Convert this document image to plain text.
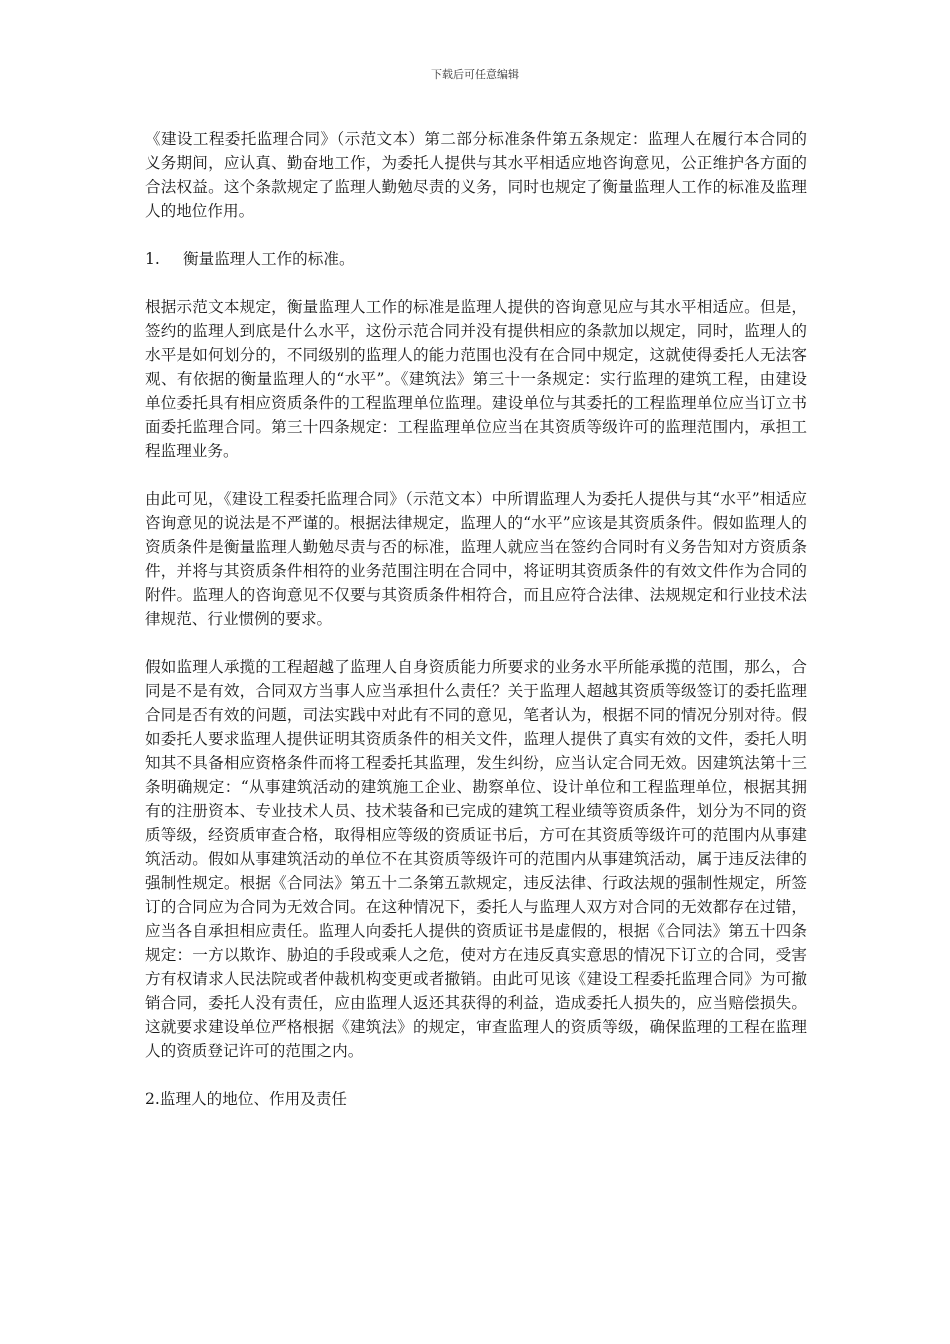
下载后可任意编辑

《建设工程委托监理合同》（示范文本）第二部分标准条件第五条规定：监理人在履行本合同的义务期间，应认真、勤奋地工作，为委托人提供与其水平相适应地咨询意见，公正维护各方面的合法权益。这个条款规定了监理人勤勉尽责的义务，同时也规定了衡量监理人工作的标准及监理人的地位作用。

1. 衡量监理人工作的标准。

根据示范文本规定，衡量监理人工作的标准是监理人提供的咨询意见应与其水平相适应。但是，签约的监理人到底是什么水平，这份示范合同并没有提供相应的条款加以规定，同时，监理人的水平是如何划分的，不同级别的监理人的能力范围也没有在合同中规定，这就使得委托人无法客观、有依据的衡量监理人的“水平”。《建筑法》第三十一条规定：实行监理的建筑工程，由建设单位委托具有相应资质条件的工程监理单位监理。建设单位与其委托的工程监理单位应当订立书面委托监理合同。第三十四条规定：工程监理单位应当在其资质等级许可的监理范围内，承担工程监理业务。

由此可见，《建设工程委托监理合同》（示范文本）中所谓监理人为委托人提供与其“水平”相适应咨询意见的说法是不严谨的。根据法律规定，监理人的“水平”应该是其资质条件。假如监理人的资质条件是衡量监理人勤勉尽责与否的标准，监理人就应当在签约合同时有义务告知对方资质条件，并将与其资质条件相符的业务范围注明在合同中，将证明其资质条件的有效文件作为合同的附件。监理人的咨询意见不仅要与其资质条件相符合，而且应符合法律、法规规定和行业技术法律规范、行业惯例的要求。

假如监理人承揽的工程超越了监理人自身资质能力所要求的业务水平所能承揽的范围，那么，合同是不是有效，合同双方当事人应当承担什么责任？关于监理人超越其资质等级签订的委托监理合同是否有效的问题，司法实践中对此有不同的意见，笔者认为，根据不同的情况分别对待。假如委托人要求监理人提供证明其资质条件的相关文件，监理人提供了真实有效的文件，委托人明知其不具备相应资格条件而将工程委托其监理，发生纠纷，应当认定合同无效。因建筑法第十三条明确规定：“从事建筑活动的建筑施工企业、勘察单位、设计单位和工程监理单位，根据其拥有的注册资本、专业技术人员、技术装备和已完成的建筑工程业绩等资质条件，划分为不同的资质等级，经资质审查合格，取得相应等级的资质证书后，方可在其资质等级许可的范围内从事建筑活动。假如从事建筑活动的单位不在其资质等级许可的范围内从事建筑活动，属于违反法律的强制性规定。根据《合同法》第五十二条第五款规定，违反法律、行政法规的强制性规定，所签订的合同应为合同为无效合同。在这种情况下，委托人与监理人双方对合同的无效都存在过错，应当各自承担相应责任。监理人向委托人提供的资质证书是虚假的，根据《合同法》第五十四条规定：一方以欺诈、胁迫的手段或乘人之危，使对方在违反真实意思的情况下订立的合同，受害方有权请求人民法院或者仲裁机构变更或者撤销。由此可见该《建设工程委托监理合同》为可撤销合同，委托人没有责任，应由监理人返还其获得的利益，造成委托人损失的，应当赔偿损失。这就要求建设单位严格根据《建筑法》的规定，审查监理人的资质等级，确保监理的工程在监理人的资质登记许可的范围之内。

2.监理人的地位、作用及责任
